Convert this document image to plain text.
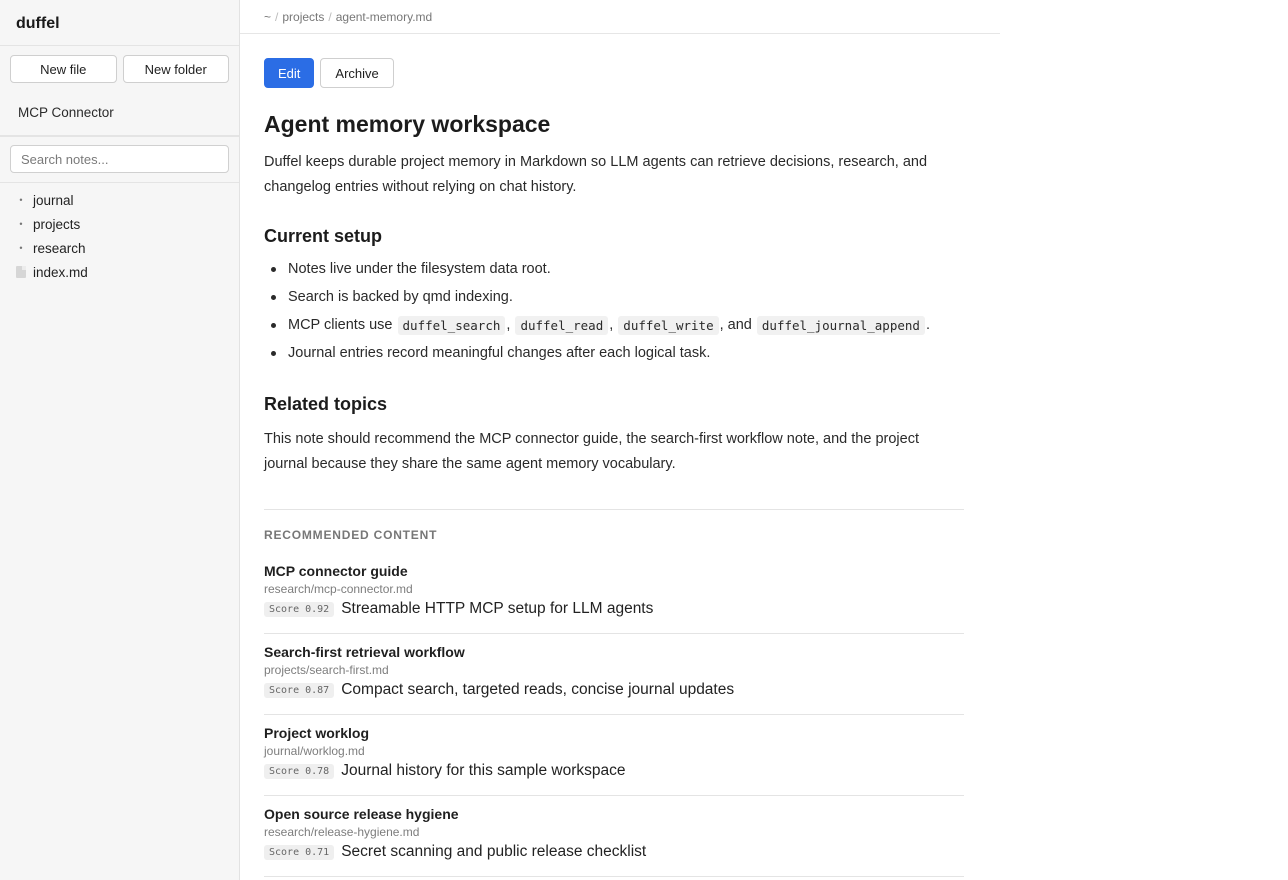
duffel
New file	New folder
MCP Connector
Search notes...
• journal
• projects
• research
index.md
~ / projects / agent-memory.md
Edit	Archive
Agent memory workspace

Duffel keeps durable project memory in Markdown so LLM agents can retrieve decisions, research, and changelog entries without relying on chat history.

Current setup
Notes live under the filesystem data root.
Search is backed by qmd indexing.
MCP clients use
duffel_search , duffel_read , duffel_write , and
duffel_journal_append .
Journal entries record meaningful changes after each logical task.
Related topics

This note should recommend the MCP connector guide, the search-first workflow note, and the project journal because they share the same agent memory vocabulary.

RECOMMENDED CONTENT
MCP connector guide
research/mcp-connector.md
Score 0.92 Streamable HTTP MCP setup for LLM agents
Search-first retrieval workflow
projects/search-first.md
Score 0.87 Compact search, targeted reads, concise journal updates
Project worklog
journal/worklog.md
Score 0.78 Journal history for this sample workspace
Open source release hygiene
research/release-hygiene.md
Score 0.71 Secret scanning and public release checklist
